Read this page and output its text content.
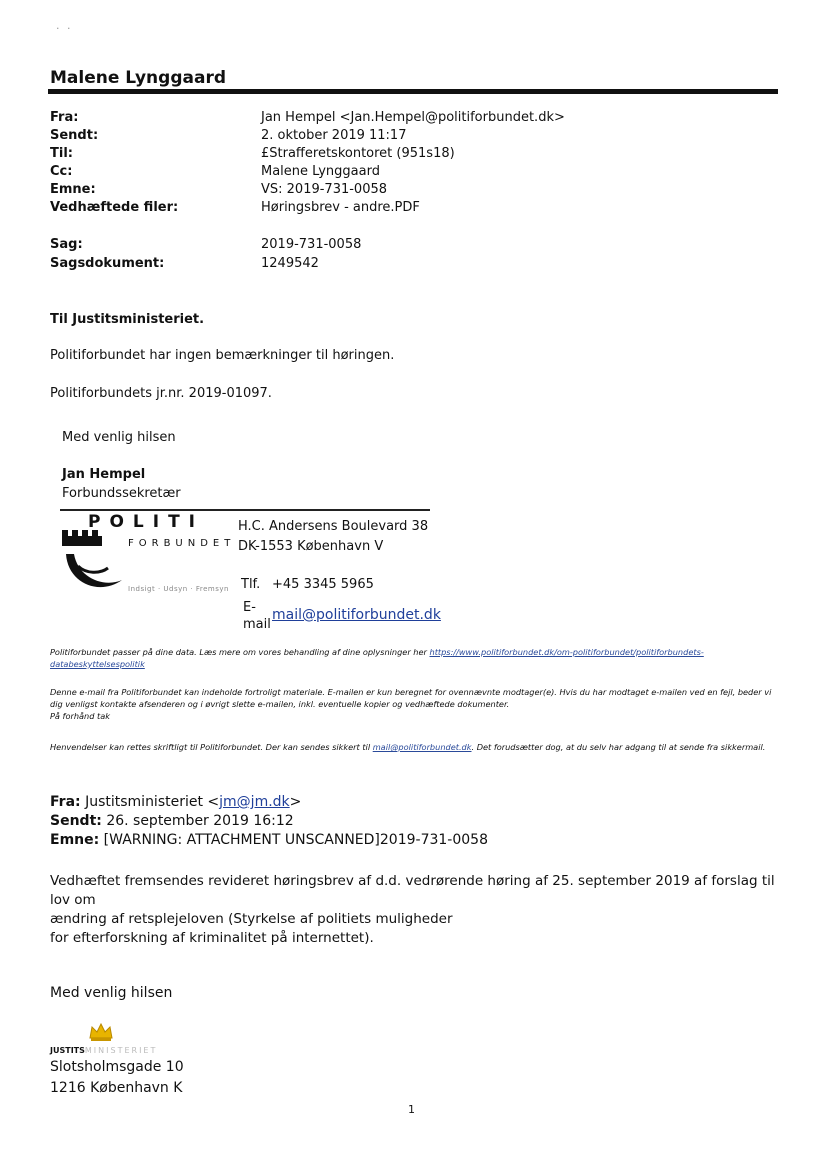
· ·
Malene Lynggaard
Fra:	Jan Hempel <Jan.Hempel@politiforbundet.dk>
Sendt:	2. oktober 2019 11:17
Til:	£Strafferetskontoret (951s18)
Cc:	Malene Lynggaard
Emne:	VS: 2019-731-0058
Vedhæftede filer:	Høringsbrev - andre.PDF
Sag:	2019-731-0058
Sagsdokument:	1249542
Til Justitsministeriet.
Politiforbundet har ingen bemærkninger til høringen.
Politiforbundets jr.nr. 2019-01097.
Med venlig hilsen
Jan Hempel
Forbundssekretær
POLITI
FORBUNDET
Indsigt · Udsyn · Fremsyn
H.C. Andersens Boulevard 38
DK-1553 København V
Tlf. +45 3345 5965
E-
mail
mail@politiforbundet.dk
Politiforbundet passer på dine data. Læs mere om vores behandling af dine oplysninger her https://www.politiforbundet.dk/om-politiforbundet/politiforbundets-databeskyttelsespolitik
Denne e-mail fra Politiforbundet kan indeholde fortroligt materiale. E-mailen er kun beregnet for ovennævnte modtager(e). Hvis du har modtaget e-mailen ved en fejl, beder vi dig venligst kontakte afsenderen og i øvrigt slette e-mailen, inkl. eventuelle kopier og vedhæftede dokumenter.
På forhånd tak
Henvendelser kan rettes skriftligt til Politiforbundet. Der kan sendes sikkert til mail@politiforbundet.dk. Det forudsætter dog, at du selv har adgang til at sende fra sikkermail.
Fra: Justitsministeriet <jm@jm.dk>
Sendt: 26. september 2019 16:12
Emne: [WARNING: ATTACHMENT UNSCANNED]2019-731-0058
Vedhæftet fremsendes revideret høringsbrev af d.d. vedrørende høring af 25. september 2019 af forslag til lov om
ændring af retsplejeloven (Styrkelse af politiets muligheder
for efterforskning af kriminalitet på internettet).
Med venlig hilsen
JUSTITSMINISTERIET
Slotsholmsgade 10
1216 København K
1
